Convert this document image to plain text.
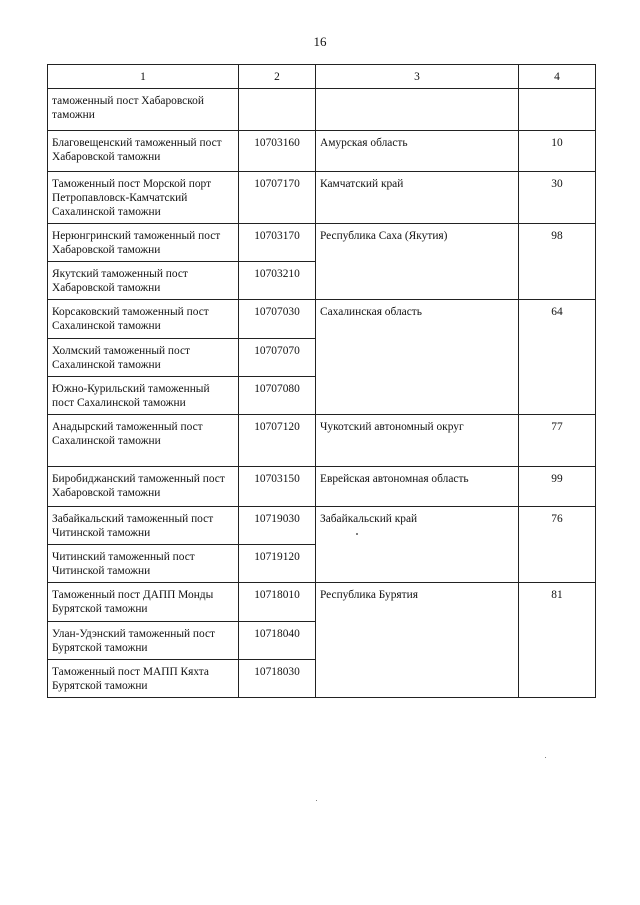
16
1	2	3	4
таможенный пост Хабаровской таможни			
Благовещенский таможенный пост Хабаровской таможни	10703160	Амурская область	10
Таможенный пост Морской порт Петропавловск-Камчатский Сахалинской таможни	10707170	Камчатский край	30
Нерюнгринский таможенный пост Хабаровской таможни	10703170	Республика Саха (Якутия)	98
Якутский таможенный пост Хабаровской таможни	10703210		
Корсаковский таможенный пост Сахалинской таможни	10707030	Сахалинская область	64
Холмский таможенный пост Сахалинской таможни	10707070		
Южно-Курильский таможенный пост Сахалинской таможни	10707080		
Анадырский таможенный пост Сахалинской таможни	10707120	Чукотский автономный округ	77
Биробиджанский таможенный пост Хабаровской таможни	10703150	Еврейская автономная область	99
Забайкальский таможенный пост Читинской таможни	10719030	Забайкальский край	76
Читинский таможенный пост Читинской таможни	10719120		
Таможенный пост ДАПП Монды Бурятской таможни	10718010	Республика Бурятия	81
Улан-Удэнский таможенный пост Бурятской таможни	10718040		
Таможенный пост МАПП Кяхта Бурятской таможни	10718030		
